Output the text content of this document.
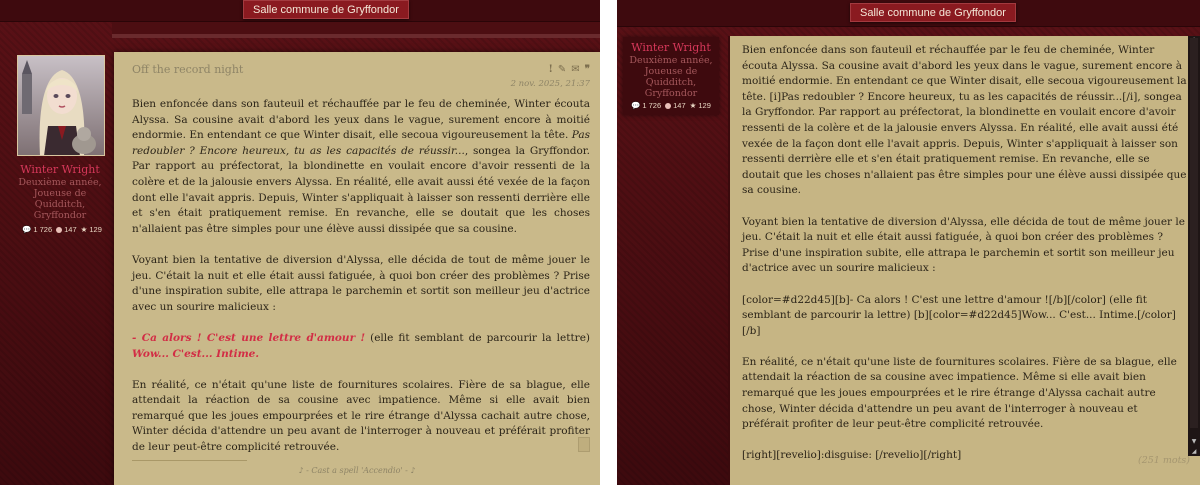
Salle commune de Gryffondor
Winter Wright
Deuxième année,
Joueuse de
Quidditch,
Gryffondor
💬 1 726 147 ★ 129
Off the record night	! ✎ ✉ ❞
2 nov. 2025, 21:37

Bien enfoncée dans son fauteuil et réchauffée par le feu de cheminée, Winter écouta Alyssa. Sa cousine avait d'abord les yeux dans le vague, surement encore à moitié endormie. En entendant ce que Winter disait, elle secoua vigoureusement la tête. Pas redoubler ? Encore heureux, tu as les capacités de réussir..., songea la Gryffondor. Par rapport au préfectorat, la blondinette en voulait encore d'avoir ressenti de la colère et de la jalousie envers Alyssa. En réalité, elle avait aussi été vexée de la façon dont elle l'avait appris. Depuis, Winter s'appliquait à laisser son ressenti derrière elle et s'en était pratiquement remise. En revanche, elle se doutait que les choses n'allaient pas être simples pour une élève aussi dissipée que sa cousine.

Voyant bien la tentative de diversion d'Alyssa, elle décida de tout de même jouer le jeu. C'était la nuit et elle était aussi fatiguée, à quoi bon créer des problèmes ? Prise d'une inspiration subite, elle attrapa le parchemin et sortit son meilleur jeu d'actrice avec un sourire malicieux :

- Ca alors ! C'est une lettre d'amour ! (elle fit semblant de parcourir la lettre) Wow... C'est... Intime.

En réalité, ce n'était qu'une liste de fournitures scolaires. Fière de sa blague, elle attendait la réaction de sa cousine avec impatience. Même si elle avait bien remarqué que les joues empourprées et le rire étrange d'Alyssa cachait autre chose, Winter décida d'attendre un peu avant de l'interroger à nouveau et préférait profiter de leur peut-être complicité retrouvée.

♪ - Cast a spell 'Accendio' - ♪
Salle commune de Gryffondor
Winter Wright
Deuxième année,
Joueuse de
Quidditch,
Gryffondor
💬 1 726 147 ★ 129
Bien enfoncée dans son fauteuil et réchauffée par le feu de cheminée, Winter écouta Alyssa. Sa cousine avait d'abord les yeux dans le vague, surement encore à moitié endormie. En entendant ce que Winter disait, elle secoua vigoureusement la tête. [i]Pas redoubler ? Encore heureux, tu as les capacités de réussir...[/i], songea la Gryffondor. Par rapport au préfectorat, la blondinette en voulait encore d'avoir ressenti de la colère et de la jalousie envers Alyssa. En réalité, elle avait aussi été vexée de la façon dont elle l'avait appris. Depuis, Winter s'appliquait à laisser son ressenti derrière elle et s'en était pratiquement remise. En revanche, elle se doutait que les choses n'allaient pas être simples pour une élève aussi dissipée que sa cousine.

Voyant bien la tentative de diversion d'Alyssa, elle décida de tout de même jouer le jeu. C'était la nuit et elle était aussi fatiguée, à quoi bon créer des problèmes ? Prise d'une inspiration subite, elle attrapa le parchemin et sortit son meilleur jeu d'actrice avec un sourire malicieux :

[color=#d22d45][b]- Ca alors ! C'est une lettre d'amour ![/b][/color] (elle fit semblant de parcourir la lettre) [b][color=#d22d45]Wow... C'est... Intime.[/color][/b]

En réalité, ce n'était qu'une liste de fournitures scolaires. Fière de sa blague, elle attendait la réaction de sa cousine avec impatience. Même si elle avait bien remarqué que les joues empourprées et le rire étrange d'Alyssa cachait autre chose, Winter décida d'attendre un peu avant de l'interroger à nouveau et préférait profiter de leur peut-être complicité retrouvée.

[right][revelio]:disguise: [/revelio][/right]
▼
◢
(251 mots)
